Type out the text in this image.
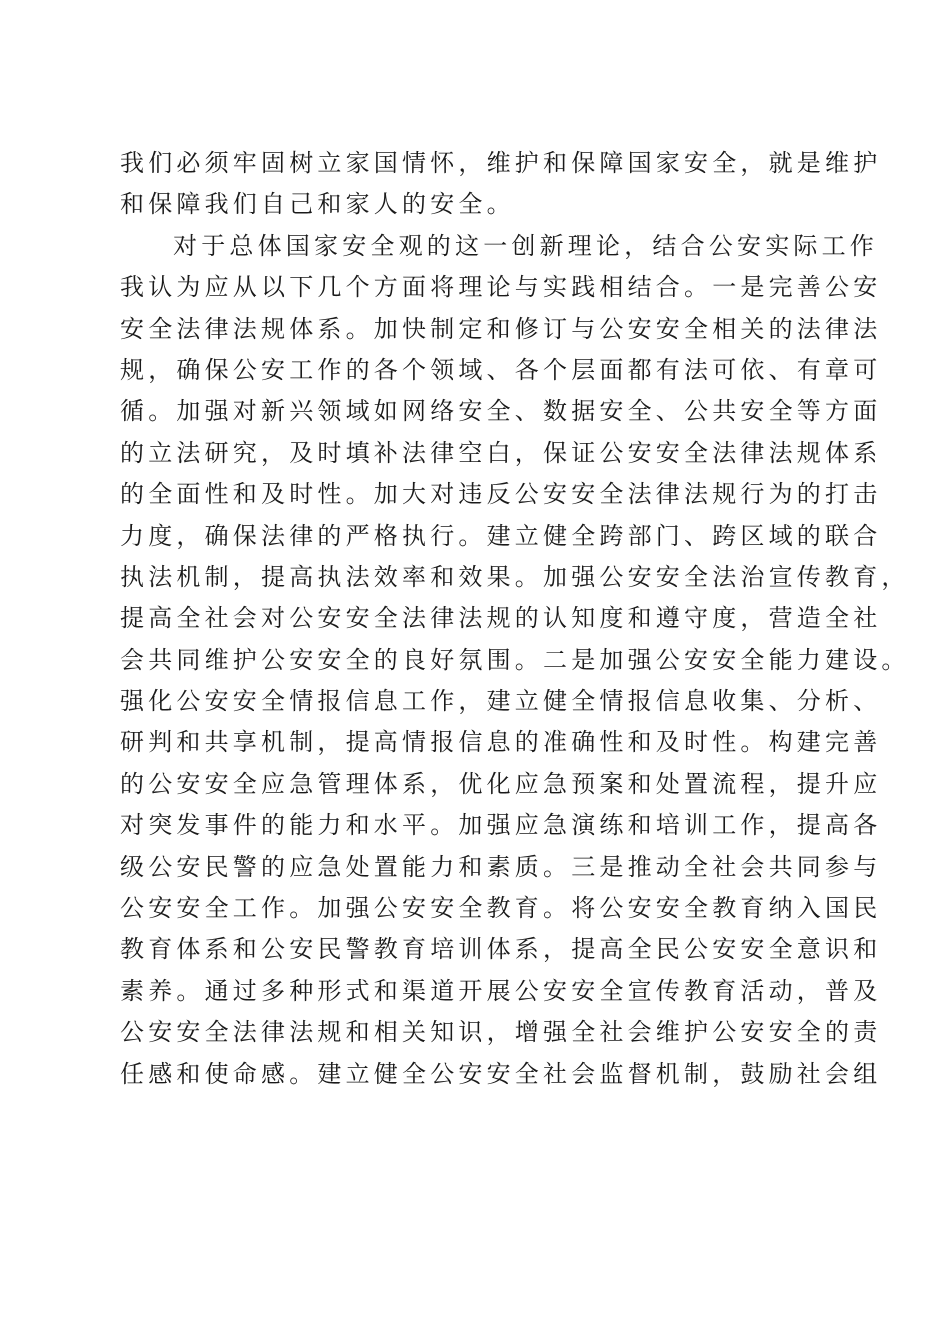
我们必须牢固树立家国情怀，维护和保障国家安全，就是维护
和保障我们自己和家人的安全。
对于总体国家安全观的这一创新理论，结合公安实际工作
我认为应从以下几个方面将理论与实践相结合。一是完善公安
安全法律法规体系。加快制定和修订与公安安全相关的法律法
规，确保公安工作的各个领域、各个层面都有法可依、有章可
循。加强对新兴领域如网络安全、数据安全、公共安全等方面
的立法研究，及时填补法律空白，保证公安安全法律法规体系
的全面性和及时性。加大对违反公安安全法律法规行为的打击
力度，确保法律的严格执行。建立健全跨部门、跨区域的联合
执法机制，提高执法效率和效果。加强公安安全法治宣传教育，
提高全社会对公安安全法律法规的认知度和遵守度，营造全社
会共同维护公安安全的良好氛围。二是加强公安安全能力建设。
强化公安安全情报信息工作，建立健全情报信息收集、分析、
研判和共享机制，提高情报信息的准确性和及时性。构建完善
的公安安全应急管理体系，优化应急预案和处置流程，提升应
对突发事件的能力和水平。加强应急演练和培训工作，提高各
级公安民警的应急处置能力和素质。三是推动全社会共同参与
公安安全工作。加强公安安全教育。将公安安全教育纳入国民
教育体系和公安民警教育培训体系，提高全民公安安全意识和
素养。通过多种形式和渠道开展公安安全宣传教育活动，普及
公安安全法律法规和相关知识，增强全社会维护公安安全的责
任感和使命感。建立健全公安安全社会监督机制，鼓励社会组
